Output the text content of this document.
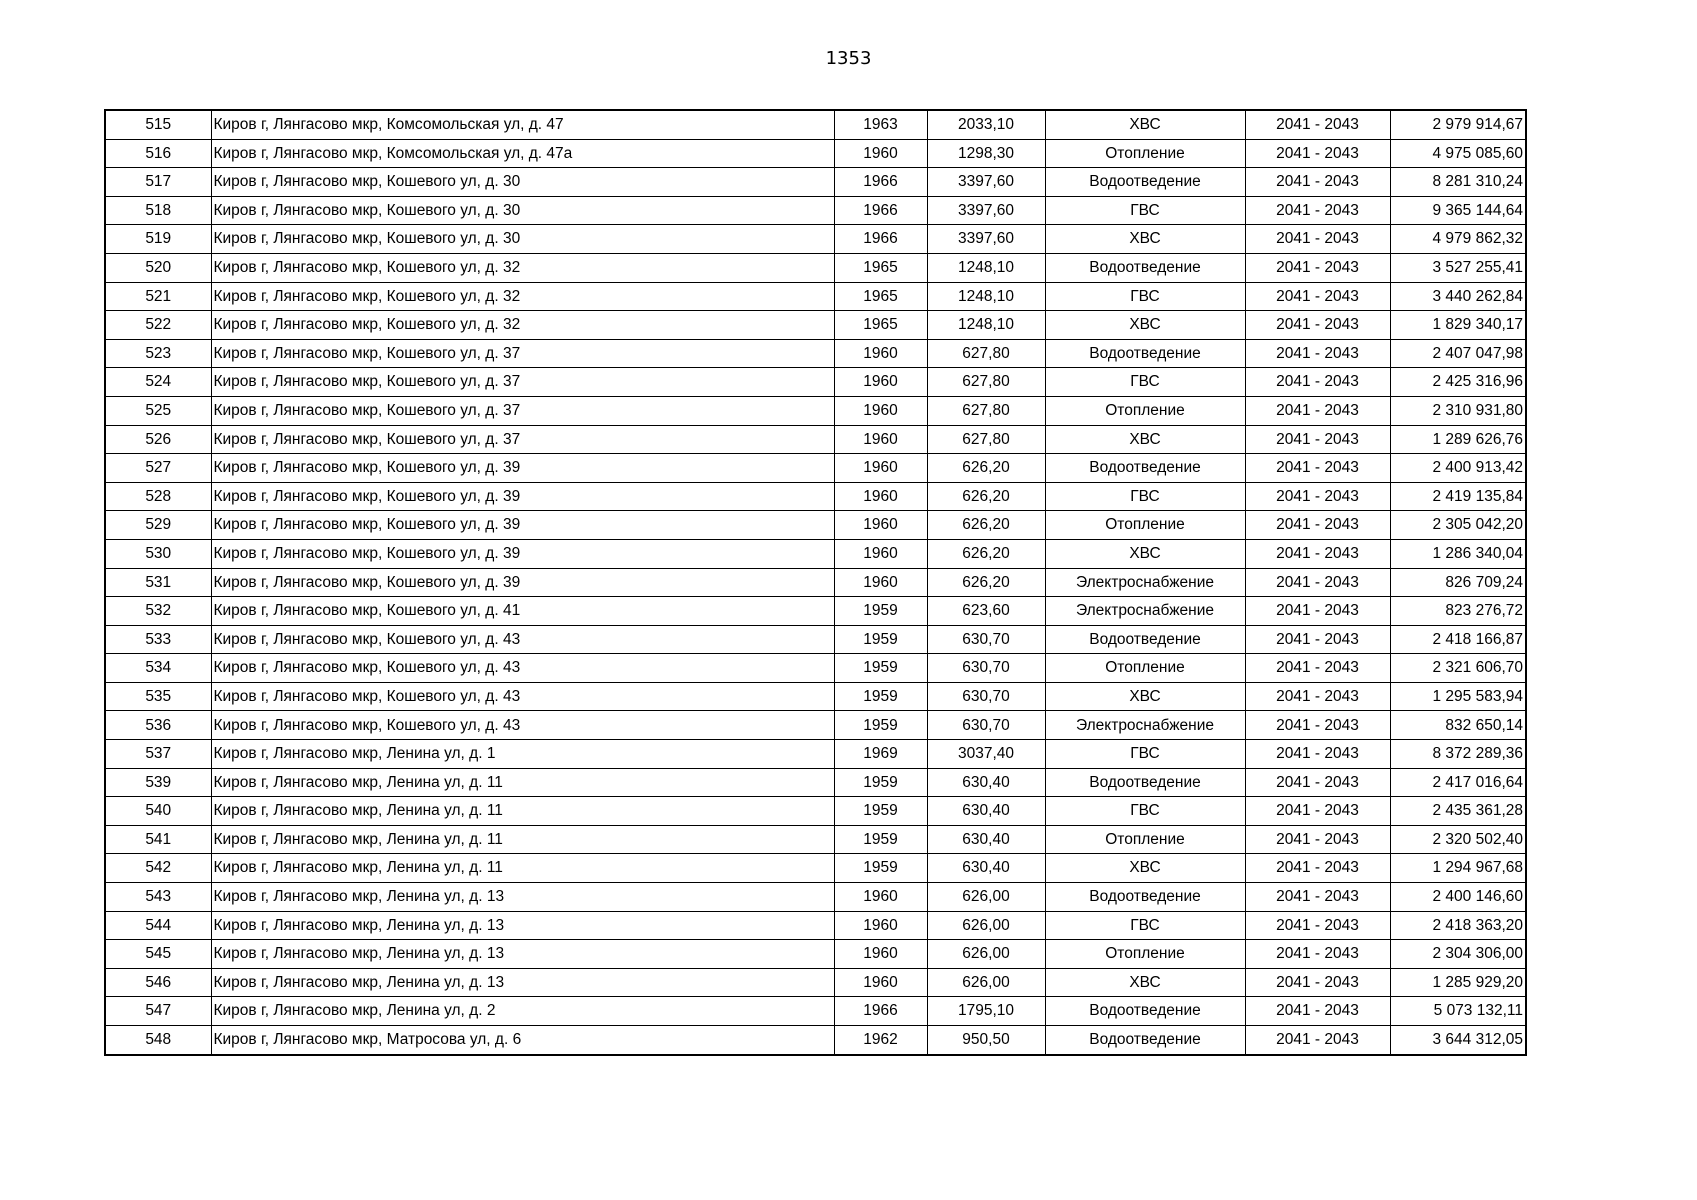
1353
515	Киров г, Лянгасово мкр, Комсомольская ул, д. 47	1963	2033,10	ХВС	2041 - 2043	2 979 914,67
516	Киров г, Лянгасово мкр, Комсомольская ул, д. 47а	1960	1298,30	Отопление	2041 - 2043	4 975 085,60
517	Киров г, Лянгасово мкр, Кошевого ул, д. 30	1966	3397,60	Водоотведение	2041 - 2043	8 281 310,24
518	Киров г, Лянгасово мкр, Кошевого ул, д. 30	1966	3397,60	ГВС	2041 - 2043	9 365 144,64
519	Киров г, Лянгасово мкр, Кошевого ул, д. 30	1966	3397,60	ХВС	2041 - 2043	4 979 862,32
520	Киров г, Лянгасово мкр, Кошевого ул, д. 32	1965	1248,10	Водоотведение	2041 - 2043	3 527 255,41
521	Киров г, Лянгасово мкр, Кошевого ул, д. 32	1965	1248,10	ГВС	2041 - 2043	3 440 262,84
522	Киров г, Лянгасово мкр, Кошевого ул, д. 32	1965	1248,10	ХВС	2041 - 2043	1 829 340,17
523	Киров г, Лянгасово мкр, Кошевого ул, д. 37	1960	627,80	Водоотведение	2041 - 2043	2 407 047,98
524	Киров г, Лянгасово мкр, Кошевого ул, д. 37	1960	627,80	ГВС	2041 - 2043	2 425 316,96
525	Киров г, Лянгасово мкр, Кошевого ул, д. 37	1960	627,80	Отопление	2041 - 2043	2 310 931,80
526	Киров г, Лянгасово мкр, Кошевого ул, д. 37	1960	627,80	ХВС	2041 - 2043	1 289 626,76
527	Киров г, Лянгасово мкр, Кошевого ул, д. 39	1960	626,20	Водоотведение	2041 - 2043	2 400 913,42
528	Киров г, Лянгасово мкр, Кошевого ул, д. 39	1960	626,20	ГВС	2041 - 2043	2 419 135,84
529	Киров г, Лянгасово мкр, Кошевого ул, д. 39	1960	626,20	Отопление	2041 - 2043	2 305 042,20
530	Киров г, Лянгасово мкр, Кошевого ул, д. 39	1960	626,20	ХВС	2041 - 2043	1 286 340,04
531	Киров г, Лянгасово мкр, Кошевого ул, д. 39	1960	626,20	Электроснабжение	2041 - 2043	826 709,24
532	Киров г, Лянгасово мкр, Кошевого ул, д. 41	1959	623,60	Электроснабжение	2041 - 2043	823 276,72
533	Киров г, Лянгасово мкр, Кошевого ул, д. 43	1959	630,70	Водоотведение	2041 - 2043	2 418 166,87
534	Киров г, Лянгасово мкр, Кошевого ул, д. 43	1959	630,70	Отопление	2041 - 2043	2 321 606,70
535	Киров г, Лянгасово мкр, Кошевого ул, д. 43	1959	630,70	ХВС	2041 - 2043	1 295 583,94
536	Киров г, Лянгасово мкр, Кошевого ул, д. 43	1959	630,70	Электроснабжение	2041 - 2043	832 650,14
537	Киров г, Лянгасово мкр, Ленина ул, д. 1	1969	3037,40	ГВС	2041 - 2043	8 372 289,36
539	Киров г, Лянгасово мкр, Ленина ул, д. 11	1959	630,40	Водоотведение	2041 - 2043	2 417 016,64
540	Киров г, Лянгасово мкр, Ленина ул, д. 11	1959	630,40	ГВС	2041 - 2043	2 435 361,28
541	Киров г, Лянгасово мкр, Ленина ул, д. 11	1959	630,40	Отопление	2041 - 2043	2 320 502,40
542	Киров г, Лянгасово мкр, Ленина ул, д. 11	1959	630,40	ХВС	2041 - 2043	1 294 967,68
543	Киров г, Лянгасово мкр, Ленина ул, д. 13	1960	626,00	Водоотведение	2041 - 2043	2 400 146,60
544	Киров г, Лянгасово мкр, Ленина ул, д. 13	1960	626,00	ГВС	2041 - 2043	2 418 363,20
545	Киров г, Лянгасово мкр, Ленина ул, д. 13	1960	626,00	Отопление	2041 - 2043	2 304 306,00
546	Киров г, Лянгасово мкр, Ленина ул, д. 13	1960	626,00	ХВС	2041 - 2043	1 285 929,20
547	Киров г, Лянгасово мкр, Ленина ул, д. 2	1966	1795,10	Водоотведение	2041 - 2043	5 073 132,11
548	Киров г, Лянгасово мкр, Матросова ул, д. 6	1962	950,50	Водоотведение	2041 - 2043	3 644 312,05
